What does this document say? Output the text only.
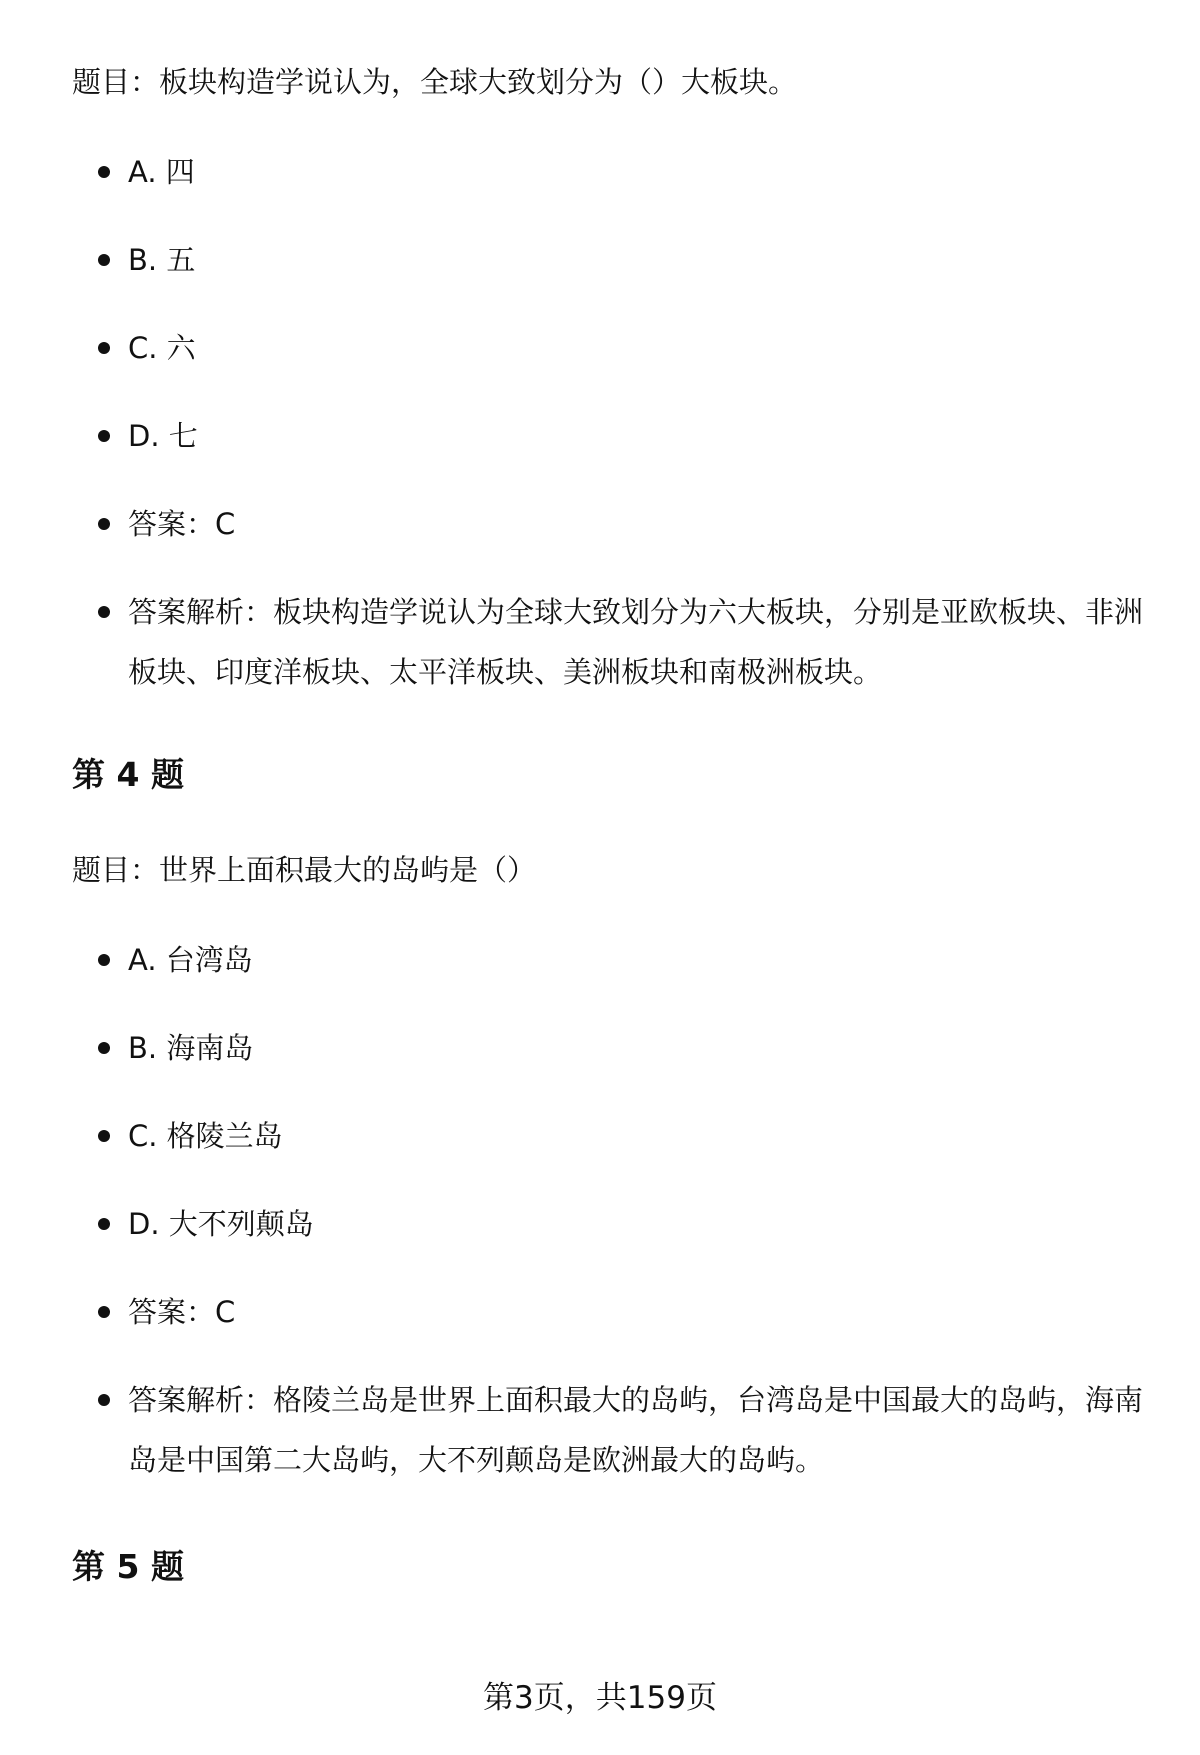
题目：板块构造学说认为，全球大致划分为（）大板块。
A. 四
B. 五
C. 六
D. 七
答案：C
答案解析：板块构造学说认为全球大致划分为六大板块，分别是亚欧板块、非洲板块、印度洋板块、太平洋板块、美洲板块和南极洲板块。
第 4 题
题目：世界上面积最大的岛屿是（）
A. 台湾岛
B. 海南岛
C. 格陵兰岛
D. 大不列颠岛
答案：C
答案解析：格陵兰岛是世界上面积最大的岛屿，台湾岛是中国最大的岛屿，海南岛是中国第二大岛屿，大不列颠岛是欧洲最大的岛屿。
第 5 题
第3页，共159页
